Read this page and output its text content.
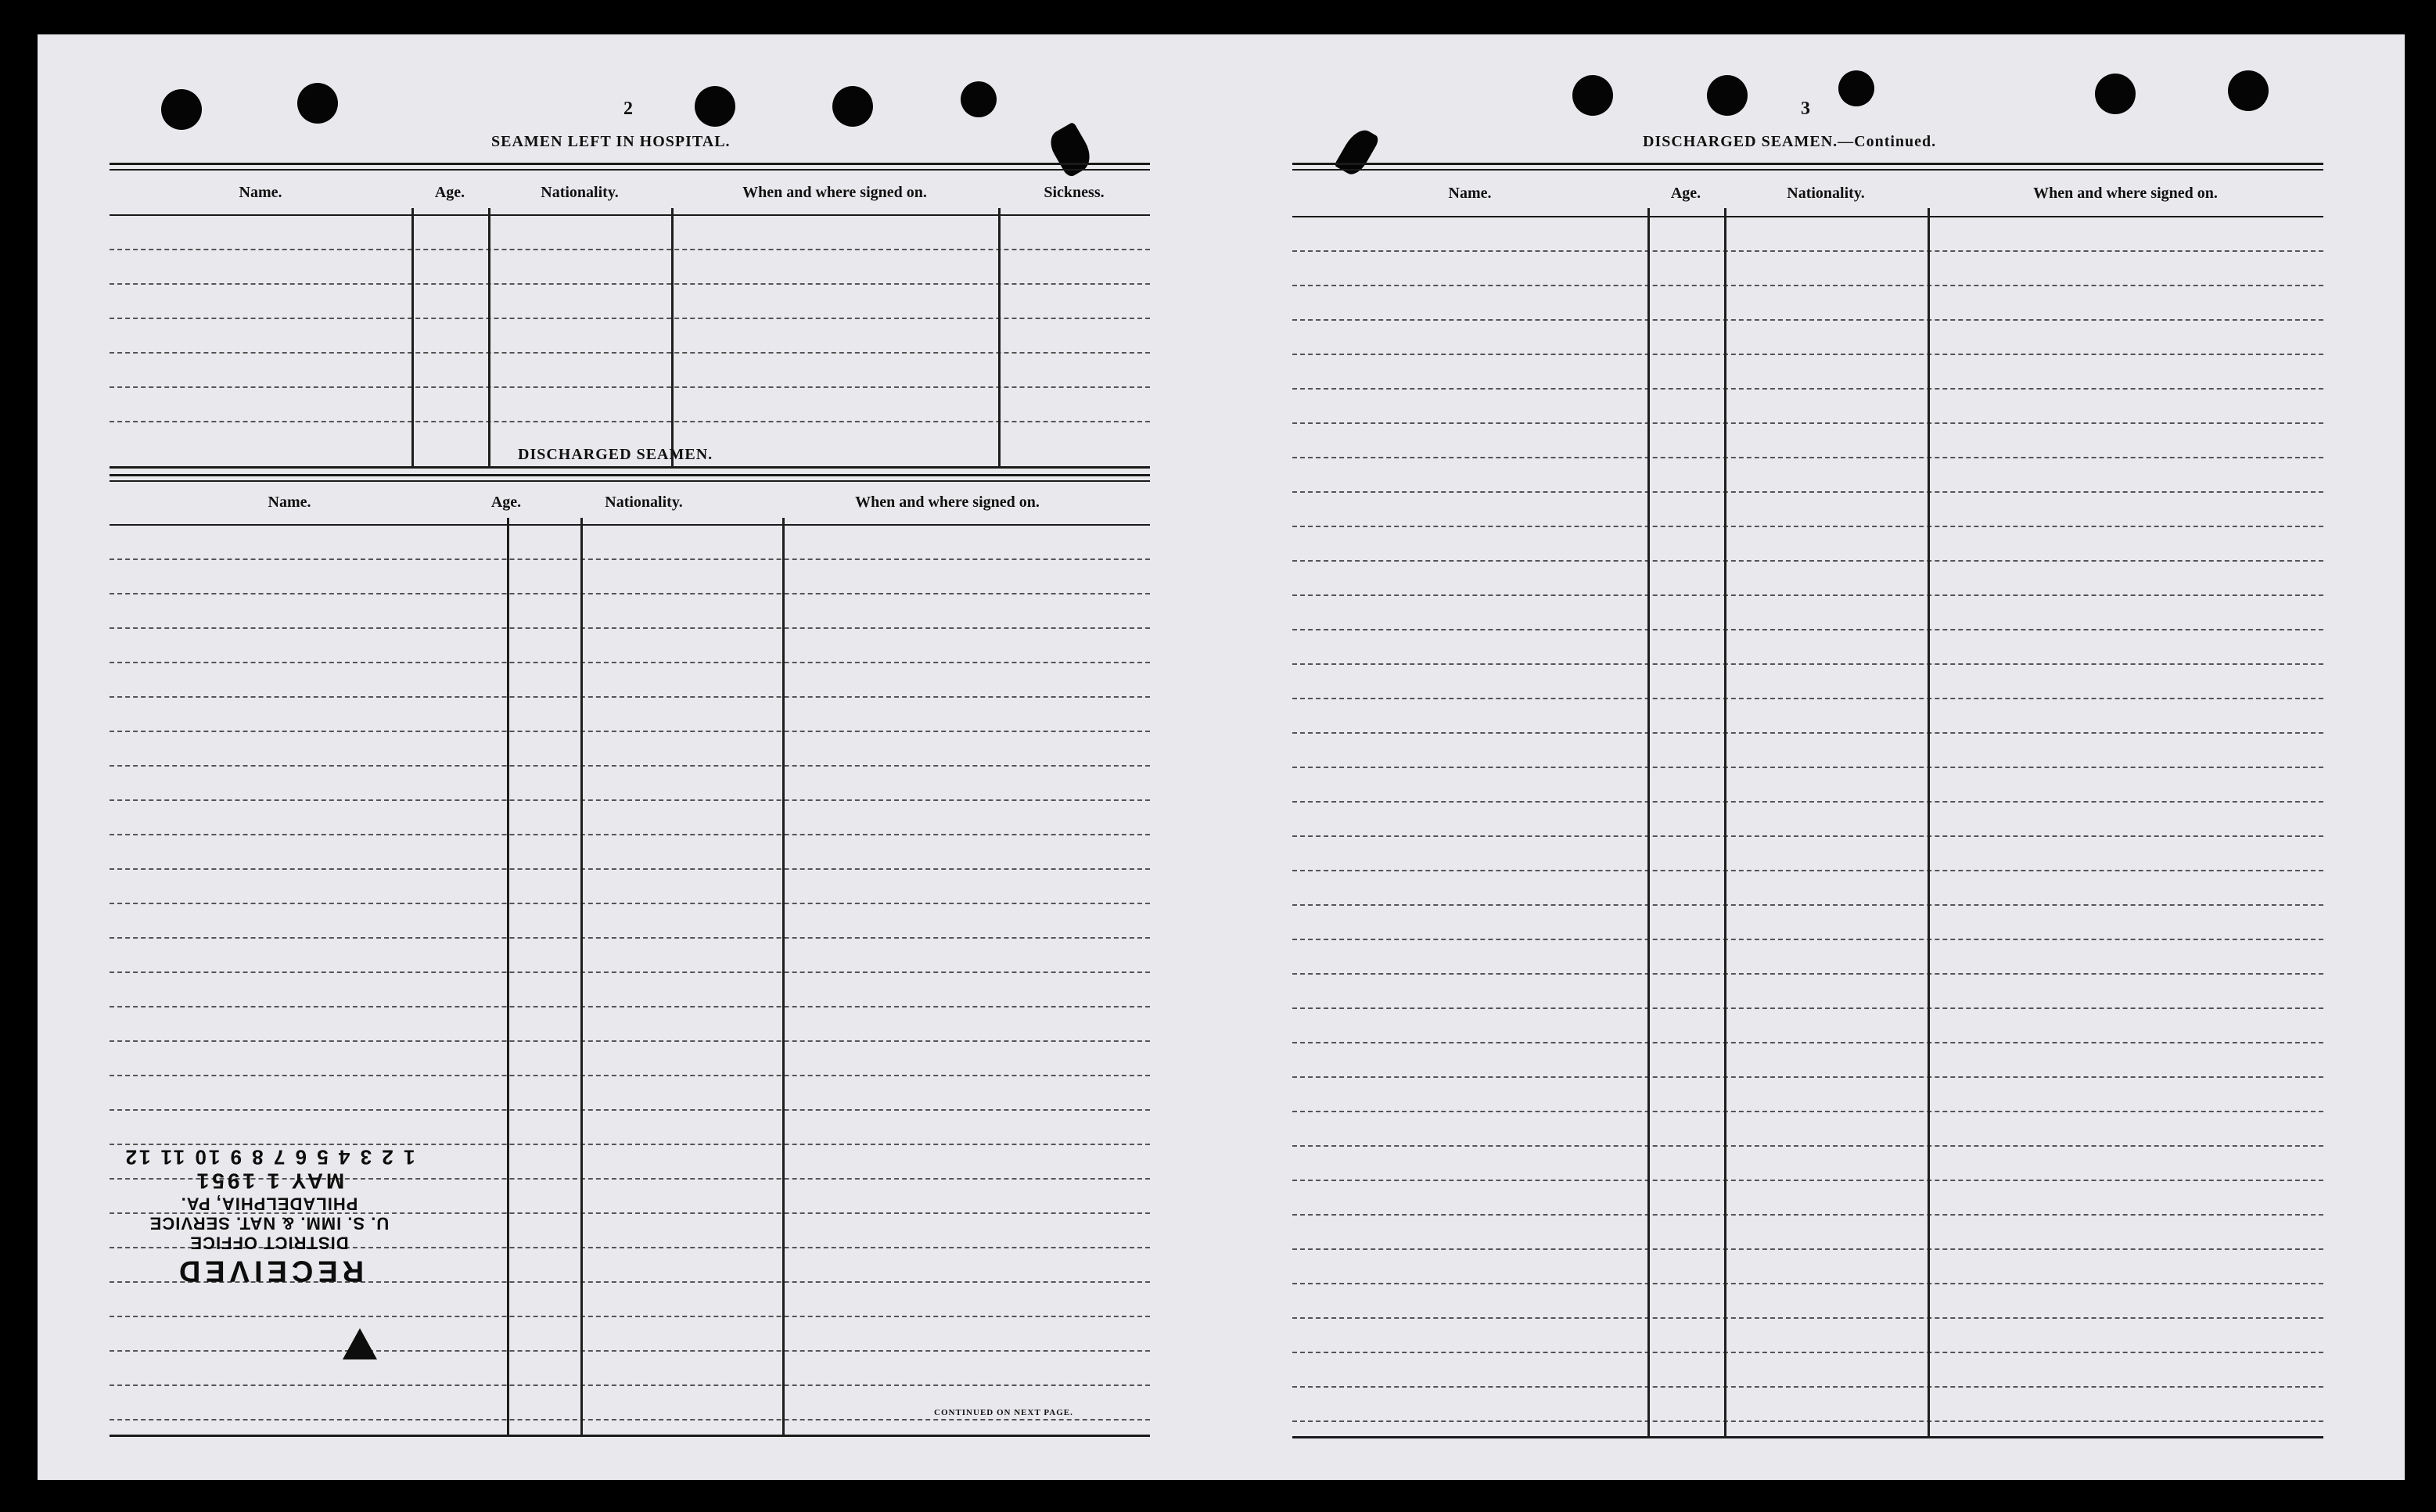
2
SEAMEN LEFT IN HOSPITAL.
Name.	Age.	Nationality.	When and where signed on.	Sickness.
DISCHARGED SEAMEN.
Name.	Age.	Nationality.	When and where signed on.
CONTINUED ON NEXT PAGE.
RECEIVED
DISTRICT OFFICE
U. S. IMM. & NAT. SERVICE
PHILADELPHIA, PA.
MAY 1 1951
1 2 3 4 5 6 7 8 9 10 11 12
3
DISCHARGED SEAMEN.—Continued.
Name.	Age.	Nationality.	When and where signed on.
